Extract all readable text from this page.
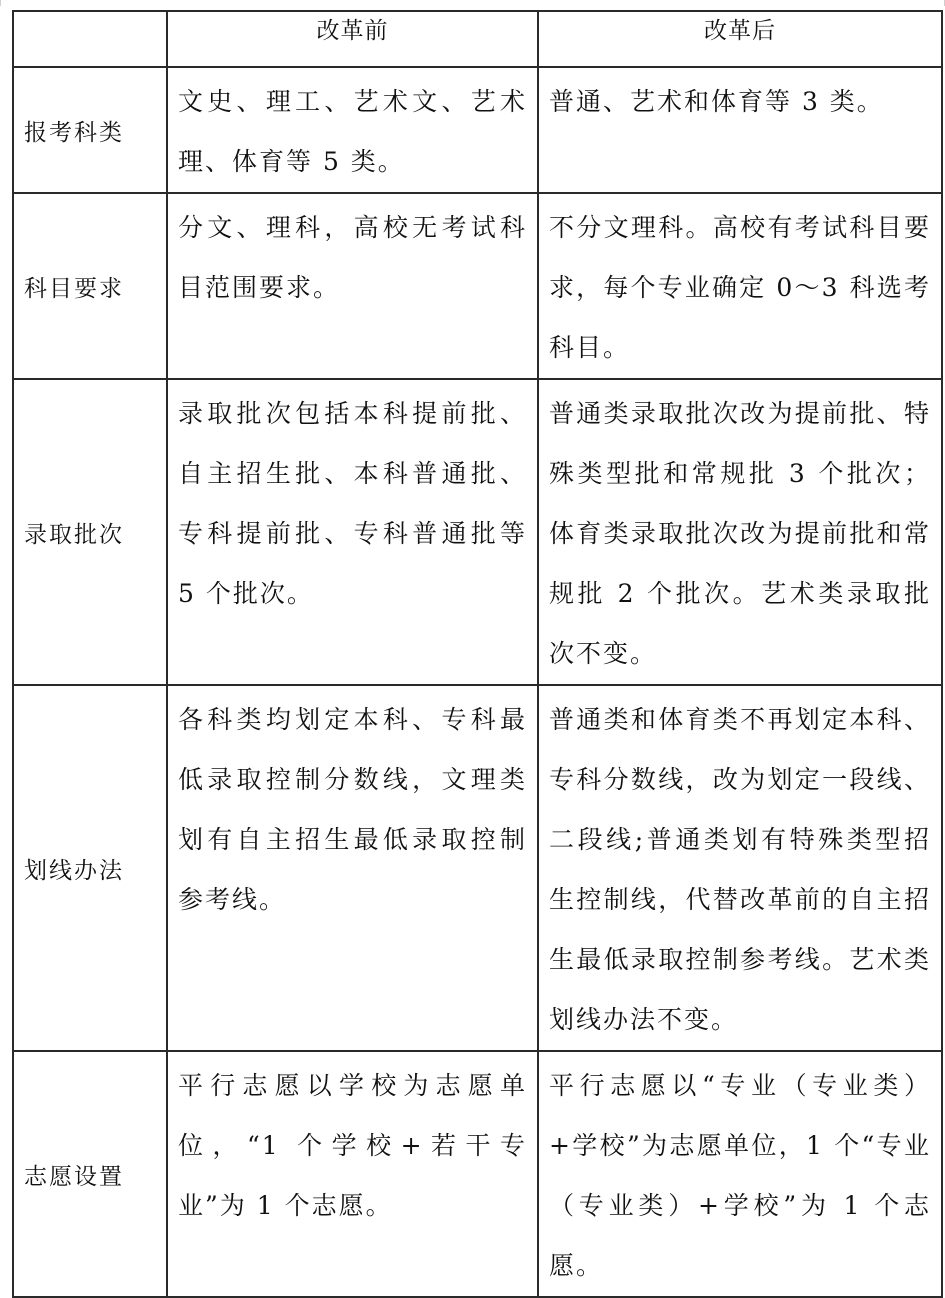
	改革前	改革后
报考科类	文史、理工、艺术文、艺术理、体育等 5 类。	普通、艺术和体育等 3 类。
科目要求	分文、理科，高校无考试科目范围要求。	不分文理科。高校有考试科目要求，每个专业确定 0～3 科选考科目。
录取批次	录取批次包括本科提前批、自主招生批、本科普通批、专科提前批、专科普通批等 5 个批次。	普通类录取批次改为提前批、特殊类型批和常规批 3 个批次；体育类录取批次改为提前批和常规批 2 个批次。艺术类录取批次不变。
划线办法	各科类均划定本科、专科最低录取控制分数线，文理类划有自主招生最低录取控制参考线。	普通类和体育类不再划定本科、专科分数线，改为划定一段线、二段线;普通类划有特殊类型招生控制线，代替改革前的自主招生最低录取控制参考线。艺术类划线办法不变。
志愿设置	平行志愿以学校为志愿单位，“1 个学校+若干专业”为 1 个志愿。	平行志愿以“专业（专业类）+学校”为志愿单位，1 个“专业（专业类）+学校”为 1 个志愿。
